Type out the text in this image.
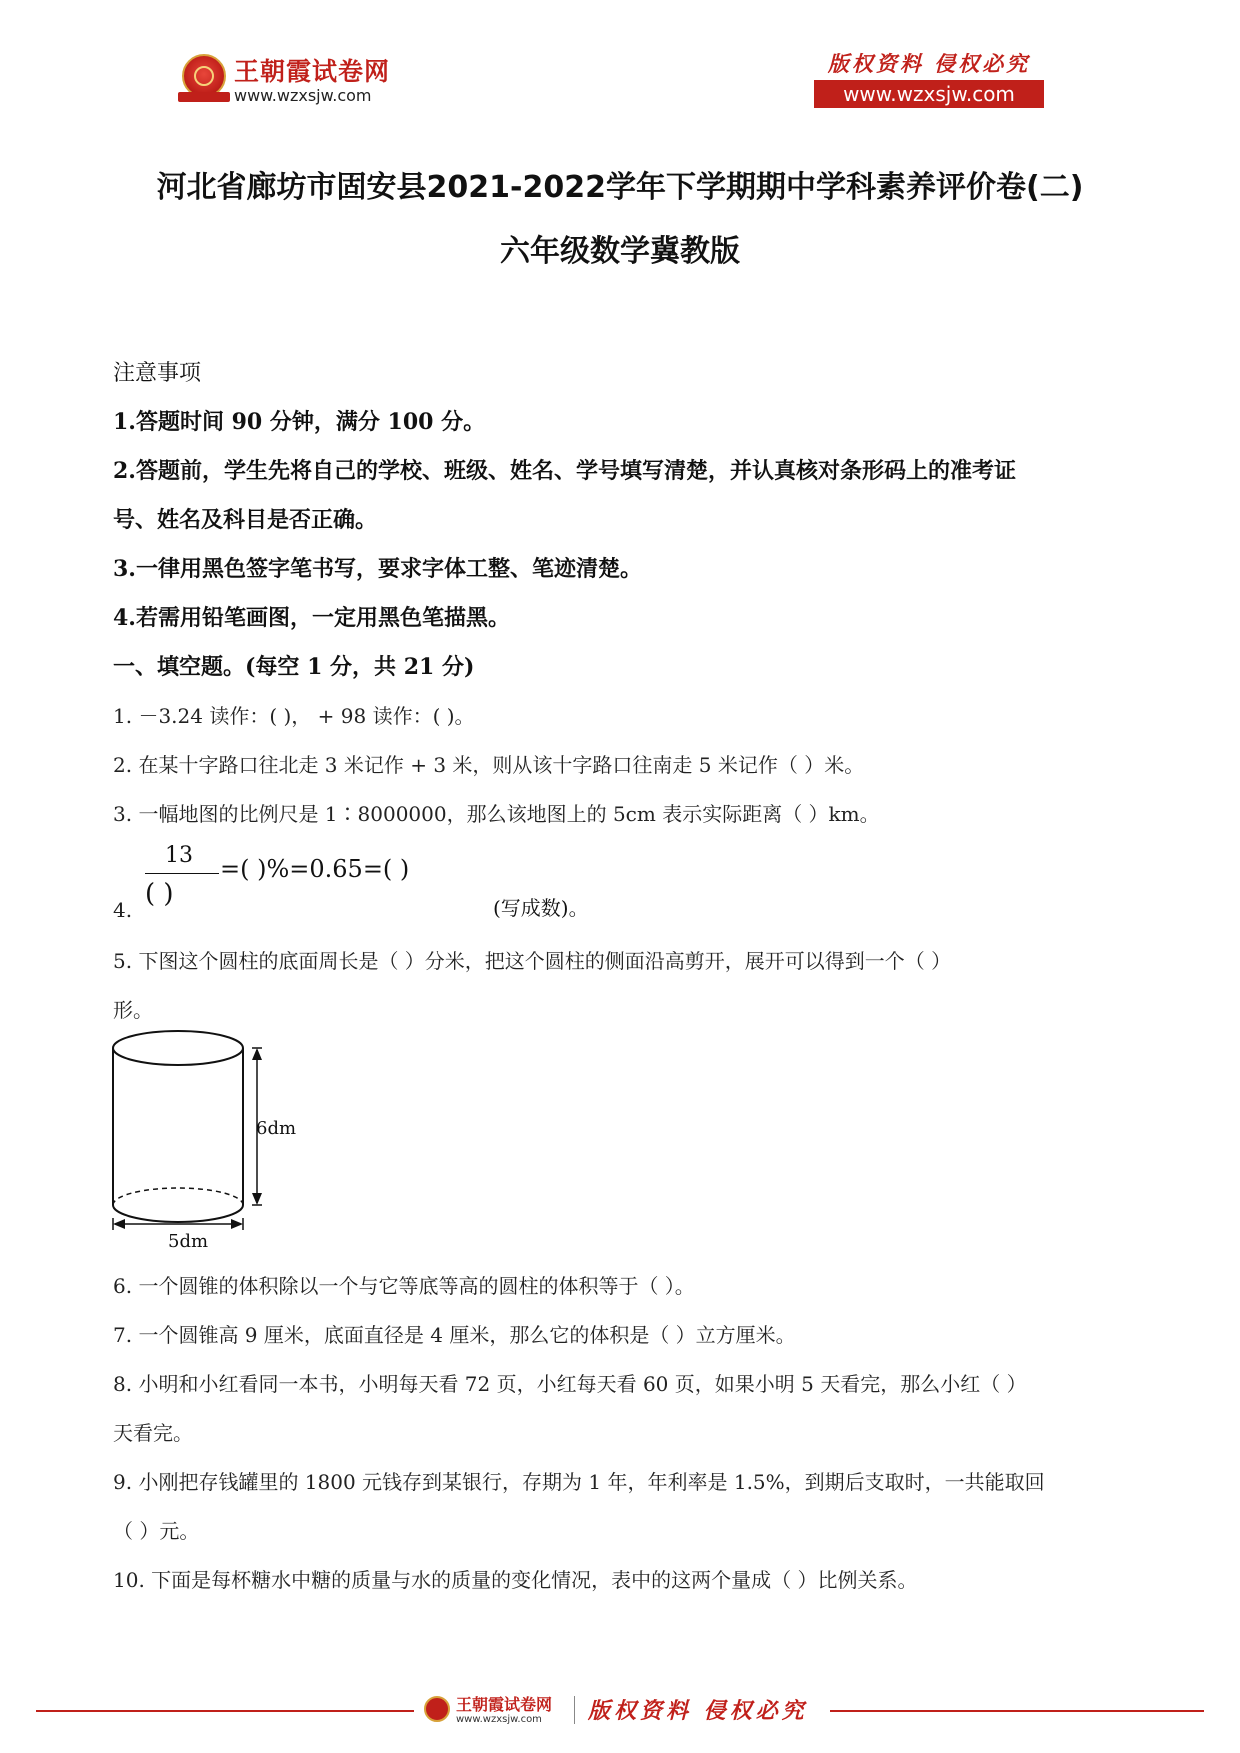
王朝霞试卷网
www.wzxsjw.com
版权资料 侵权必究
www.wzxsjw.com
河北省廊坊市固安县2021-2022学年下学期期中学科素养评价卷(二)
六年级数学冀教版
注意事项
1.答题时间 90 分钟，满分 100 分。
2.答题前，学生先将自己的学校、班级、姓名、学号填写清楚，并认真核对条形码上的准考证
号、姓名及科目是否正确。
3.一律用黑色签字笔书写，要求字体工整、笔迹清楚。
4.若需用铅笔画图，一定用黑色笔描黑。
一、填空题。(每空 1 分，共 21 分)
1. －3.24 读作：( )， + 98 读作：( )。
2. 在某十字路口往北走 3 米记作 + 3 米，则从该十字路口往南走 5 米记作（ ）米。
3. 一幅地图的比例尺是 1∶8000000，那么该地图上的 5cm 表示实际距离（ ）km。
4.
13
( )
=( )%=0.65=( )
(写成数)。
5. 下图这个圆柱的底面周长是（ ）分米，把这个圆柱的侧面沿高剪开，展开可以得到一个（ ）
形。
6dm
5dm
6. 一个圆锥的体积除以一个与它等底等高的圆柱的体积等于（ ）。
7. 一个圆锥高 9 厘米，底面直径是 4 厘米，那么它的体积是（ ）立方厘米。
8. 小明和小红看同一本书，小明每天看 72 页，小红每天看 60 页，如果小明 5 天看完，那么小红（ ）
天看完。
9. 小刚把存钱罐里的 1800 元钱存到某银行，存期为 1 年，年利率是 1.5%，到期后支取时，一共能取回
（ ）元。
10. 下面是每杯糖水中糖的质量与水的质量的变化情况，表中的这两个量成（ ）比例关系。
王朝霞试卷网
www.wzxsjw.com 版权资料 侵权必究
